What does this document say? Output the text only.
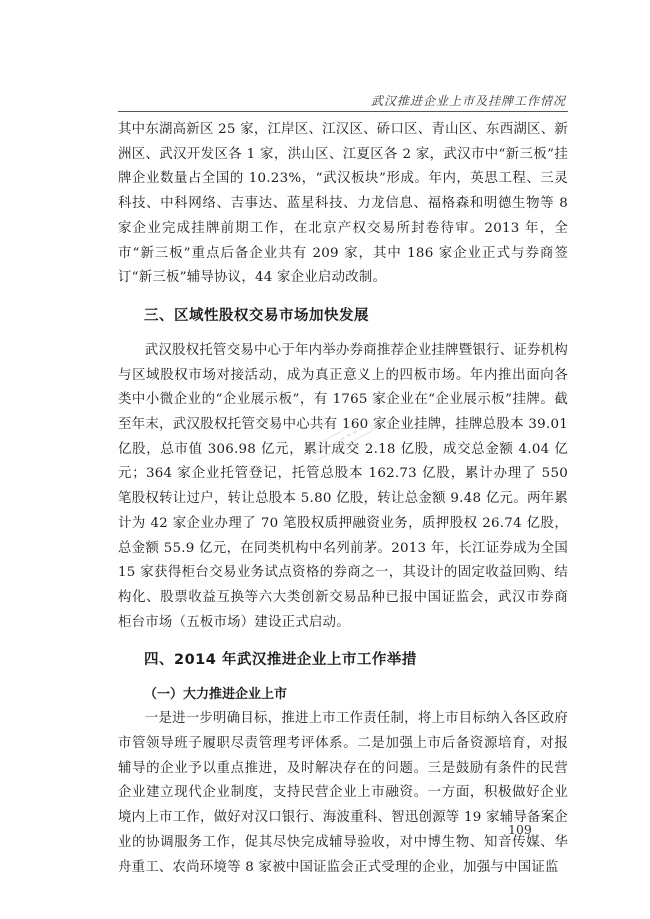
武汉推进企业上市及挂牌工作情况

其中东湖高新区 25 家，江岸区、江汉区、硚口区、青山区、东西湖区、新洲区、武汉开发区各 1 家，洪山区、江夏区各 2 家，武汉市中“新三板”挂牌企业数量占全国的 10.23%，“武汉板块”形成。年内，英思工程、三灵科技、中科网络、吉事达、蓝星科技、力龙信息、福格森和明德生物等 8 家企业完成挂牌前期工作，在北京产权交易所封卷待审。2013 年，全市“新三板”重点后备企业共有 209 家，其中 186 家企业正式与券商签订“新三板”辅导协议，44 家企业启动改制。

三、区域性股权交易市场加快发展

武汉股权托管交易中心于年内举办券商推荐企业挂牌暨银行、证券机构与区域股权市场对接活动，成为真正意义上的四板市场。年内推出面向各类中小微企业的“企业展示板”，有 1765 家企业在“企业展示板”挂牌。截至年末，武汉股权托管交易中心共有 160 家企业挂牌，挂牌总股本 39.01 亿股，总市值 306.98 亿元，累计成交 2.18 亿股，成交总金额 4.04 亿元；364 家企业托管登记，托管总股本 162.73 亿股，累计办理了 550 笔股权转让过户，转让总股本 5.80 亿股，转让总金额 9.48 亿元。两年累计为 42 家企业办理了 70 笔股权质押融资业务，质押股权 26.74 亿股，总金额 55.9 亿元，在同类机构中名列前茅。2013 年，长江证券成为全国 15 家获得柜台交易业务试点资格的券商之一，其设计的固定收益回购、结构化、股票收益互换等六大类创新交易品种已报中国证监会，武汉市券商柜台市场（五板市场）建设正式启动。

四、2014 年武汉推进企业上市工作举措
（一）大力推进企业上市

一是进一步明确目标，推进上市工作责任制，将上市目标纳入各区政府市管领导班子履职尽责管理考评体系。二是加强上市后备资源培育，对报辅导的企业予以重点推进，及时解决存在的问题。三是鼓励有条件的民营企业建立现代企业制度，支持民营企业上市融资。一方面，积极做好企业境内上市工作，做好对汉口银行、海波重科、智迅创源等 19 家辅导备案企业的协调服务工作，促其尽快完成辅导验收，对中博生物、知音传媒、华舟重工、农尚环境等 8 家被中国证监会正式受理的企业，加强与中国证监

109
